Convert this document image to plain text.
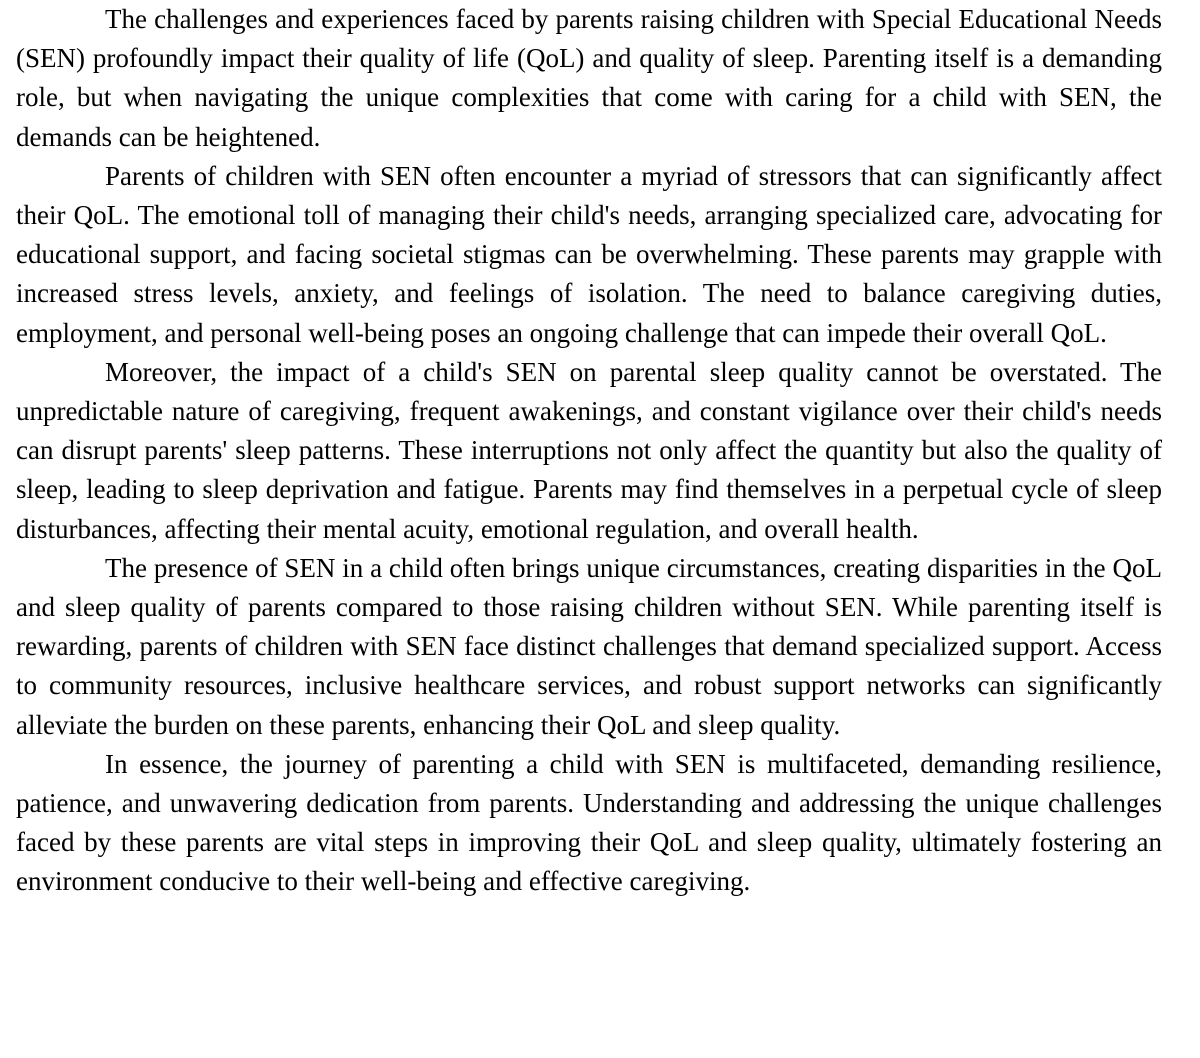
The challenges and experiences faced by parents raising children with Special Educational Needs (SEN) profoundly impact their quality of life (QoL) and quality of sleep. Parenting itself is a demanding role, but when navigating the unique complexities that come with caring for a child with SEN, the demands can be heightened.

Parents of children with SEN often encounter a myriad of stressors that can significantly affect their QoL. The emotional toll of managing their child's needs, arranging specialized care, advocating for educational support, and facing societal stigmas can be overwhelming. These parents may grapple with increased stress levels, anxiety, and feelings of isolation. The need to balance caregiving duties, employment, and personal well-being poses an ongoing challenge that can impede their overall QoL.

Moreover, the impact of a child's SEN on parental sleep quality cannot be overstated. The unpredictable nature of caregiving, frequent awakenings, and constant vigilance over their child's needs can disrupt parents' sleep patterns. These interruptions not only affect the quantity but also the quality of sleep, leading to sleep deprivation and fatigue. Parents may find themselves in a perpetual cycle of sleep disturbances, affecting their mental acuity, emotional regulation, and overall health.

The presence of SEN in a child often brings unique circumstances, creating disparities in the QoL and sleep quality of parents compared to those raising children without SEN. While parenting itself is rewarding, parents of children with SEN face distinct challenges that demand specialized support. Access to community resources, inclusive healthcare services, and robust support networks can significantly alleviate the burden on these parents, enhancing their QoL and sleep quality.

In essence, the journey of parenting a child with SEN is multifaceted, demanding resilience, patience, and unwavering dedication from parents. Understanding and addressing the unique challenges faced by these parents are vital steps in improving their QoL and sleep quality, ultimately fostering an environment conducive to their well-being and effective caregiving.
